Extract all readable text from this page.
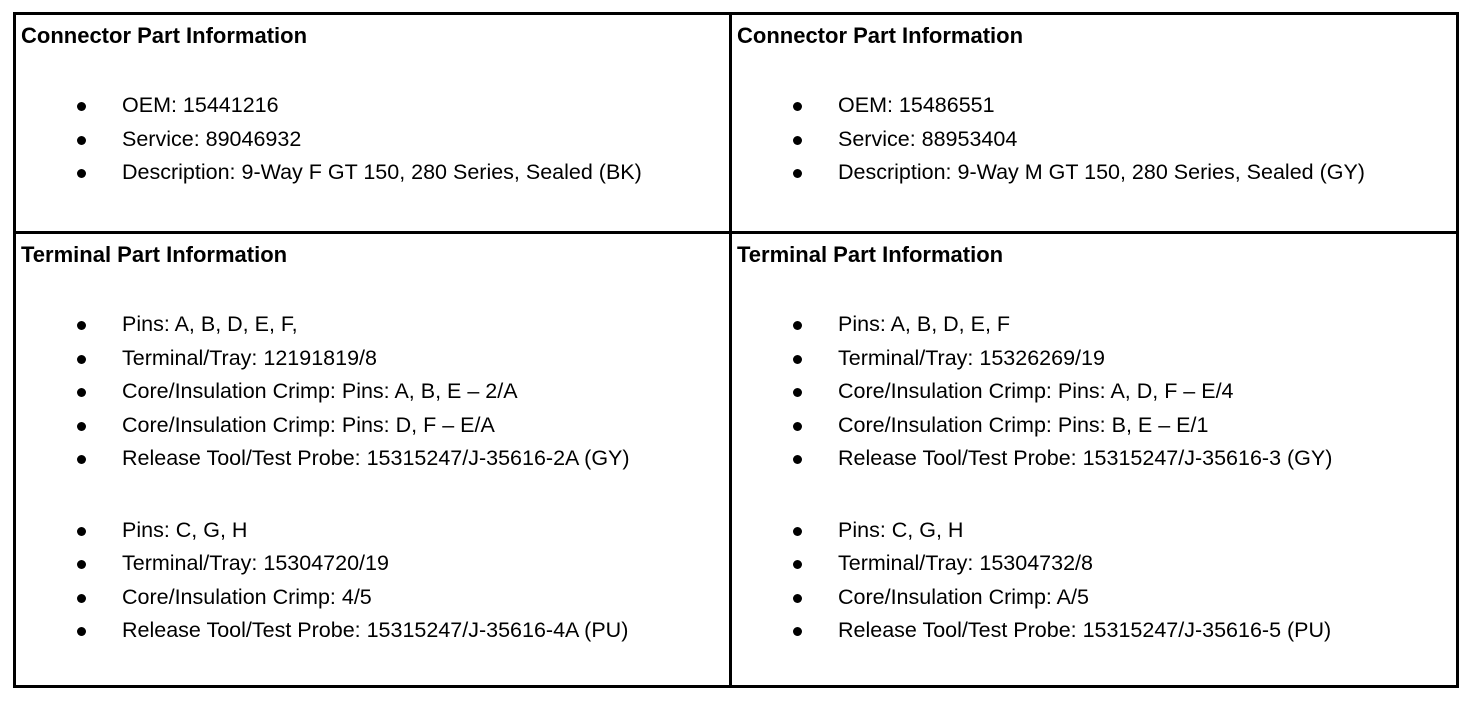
Connector Part Information
OEM: 15441216
Service: 89046932
Description: 9-Way F GT 150, 280 Series, Sealed (BK)
Connector Part Information
OEM: 15486551
Service: 88953404
Description: 9-Way M GT 150, 280 Series, Sealed (GY)
Terminal Part Information
Pins: A, B, D, E, F,
Terminal/Tray: 12191819/8
Core/Insulation Crimp: Pins: A, B, E – 2/A
Core/Insulation Crimp: Pins: D, F – E/A
Release Tool/Test Probe: 15315247/J-35616-2A (GY)
Pins: C, G, H
Terminal/Tray: 15304720/19
Core/Insulation Crimp: 4/5
Release Tool/Test Probe: 15315247/J-35616-4A (PU)
Terminal Part Information
Pins: A, B, D, E, F
Terminal/Tray: 15326269/19
Core/Insulation Crimp: Pins: A, D, F – E/4
Core/Insulation Crimp: Pins: B, E – E/1
Release Tool/Test Probe: 15315247/J-35616-3 (GY)
Pins: C, G, H
Terminal/Tray: 15304732/8
Core/Insulation Crimp: A/5
Release Tool/Test Probe: 15315247/J-35616-5 (PU)
